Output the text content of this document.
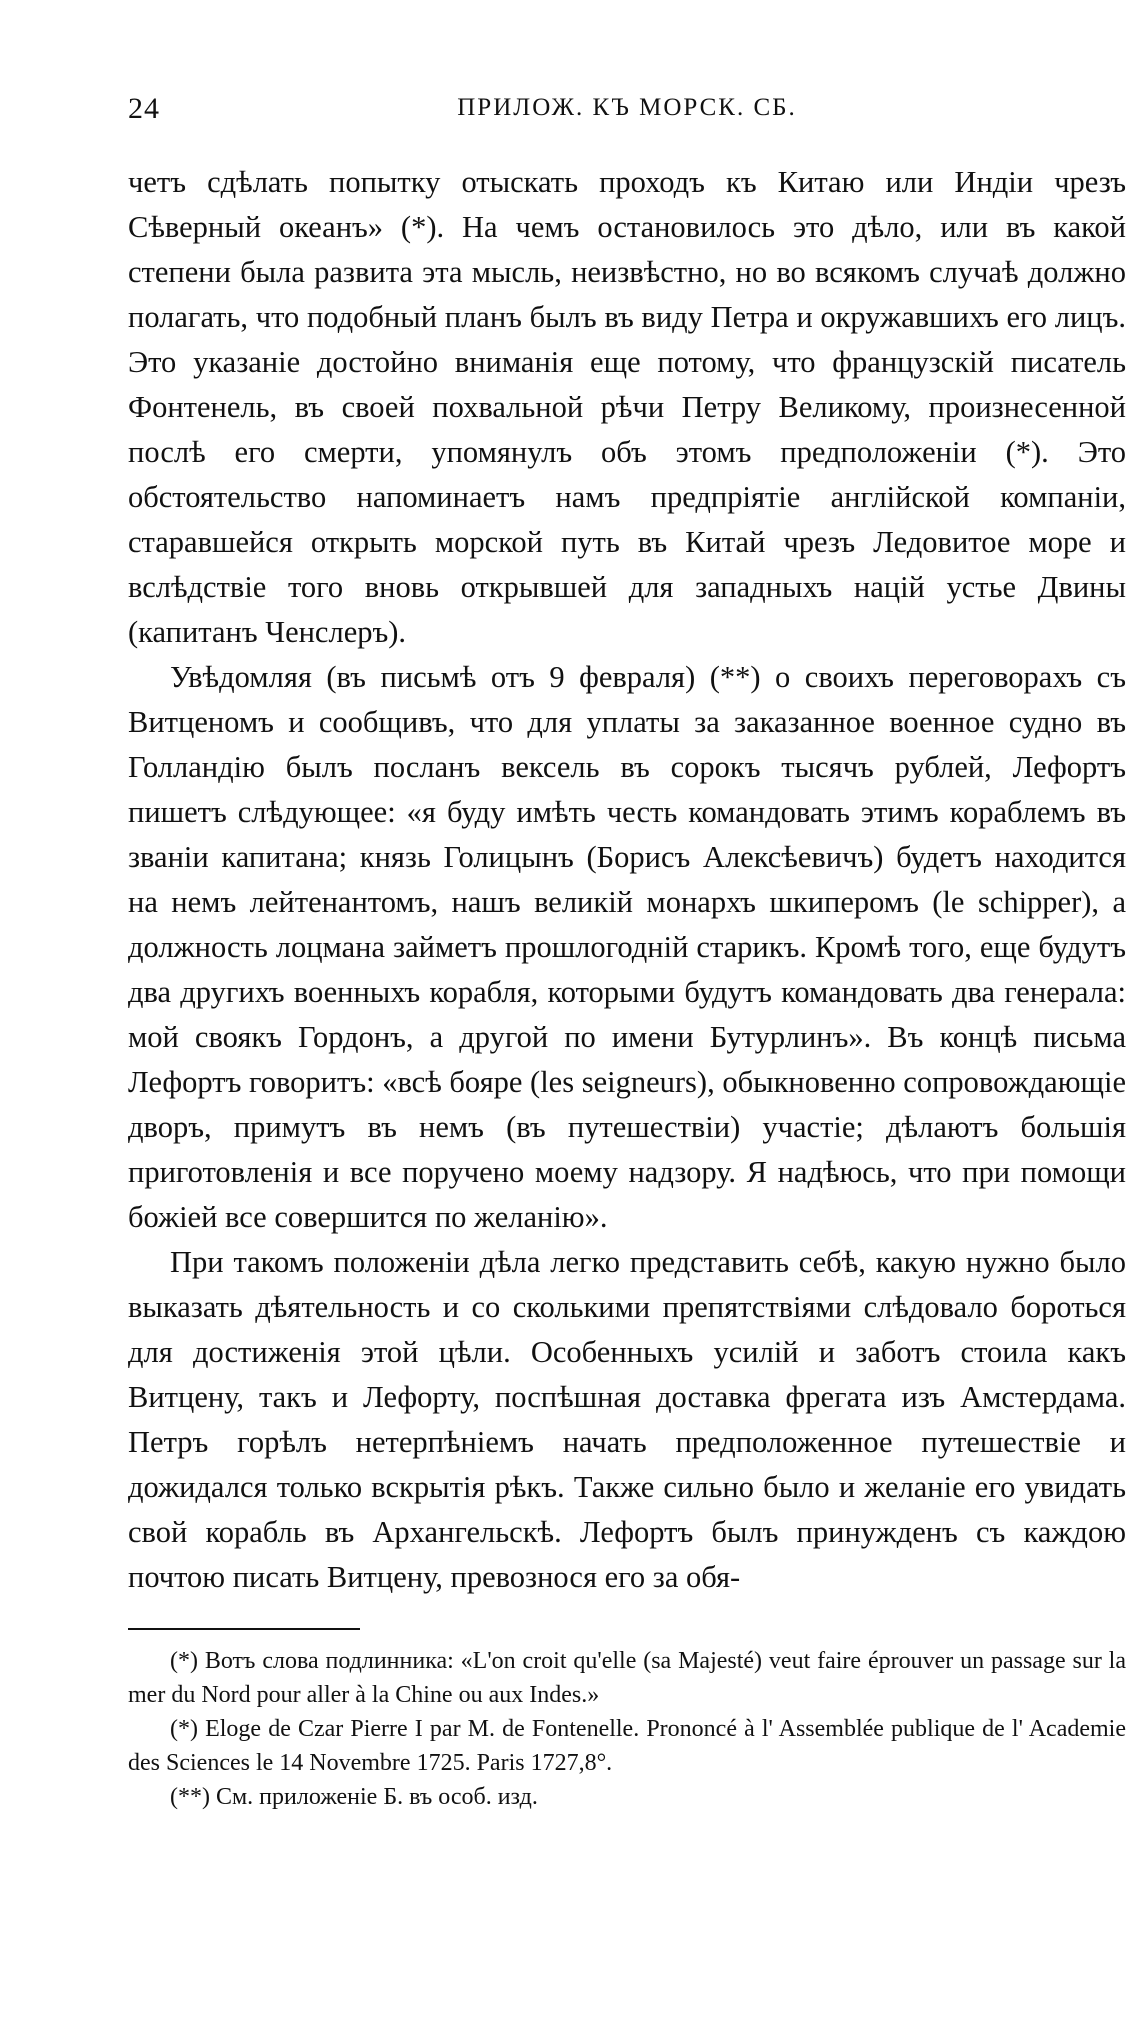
24	ПРИЛОЖ. КЪ МОРСК. СБ.

четъ сдѣлать попытку отыскать проходъ къ Китаю или Индіи чрезъ Сѣверный океанъ» (*). На чемъ остановилось это дѣло, или въ какой степени была развита эта мысль, неизвѣстно, но во всякомъ случаѣ должно полагать, что подобный планъ былъ въ виду Петра и окружавшихъ его лицъ. Это указаніе достойно вниманія еще потому, что французскій писатель Фонтенель, въ своей похвальной рѣчи Петру Великому, произнесенной послѣ его смерти, упомянулъ объ этомъ предположеніи (*). Это обстоятельство напоминаетъ намъ предпріятіе англійской компаніи, старавшейся открыть морской путь въ Китай чрезъ Ледовитое море и вслѣдствіе того вновь открывшей для западныхъ націй устье Двины (капитанъ Ченслеръ).

Увѣдомляя (въ письмѣ отъ 9 февраля) (**) о своихъ переговорахъ съ Витценомъ и сообщивъ, что для уплаты за заказанное военное судно въ Голландію былъ посланъ вексель въ сорокъ тысячъ рублей, Лефортъ пишетъ слѣдующее: «я буду имѣть честь командовать этимъ кораблемъ въ званіи капитана; князь Голицынъ (Борисъ Алексѣевичъ) будетъ находится на немъ лейтенантомъ, нашъ великій монархъ шкиперомъ (le schipper), а должность лоцмана займетъ прошлогодній старикъ. Кромѣ того, еще будутъ два другихъ военныхъ корабля, которыми будутъ командовать два генерала: мой своякъ Гордонъ, а другой по имени Бутурлинъ». Въ концѣ письма Лефортъ говоритъ: «всѣ бояре (les seigneurs), обыкновенно сопровождающіе дворъ, примутъ въ немъ (въ путешествіи) участіе; дѣлаютъ большія приготовленія и все поручено моему надзору. Я надѣюсь, что при помощи божіей все совершится по желанію».

При такомъ положеніи дѣла легко представить себѣ, какую нужно было выказать дѣятельность и со сколькими препятствіями слѣдовало бороться для достиженія этой цѣли. Особенныхъ усилій и заботъ стоила какъ Витцену, такъ и Лефорту, поспѣшная доставка фрегата изъ Амстердама. Петръ горѣлъ нетерпѣніемъ начать предположенное путешествіе и дожидался только вскрытія рѣкъ. Также сильно было и желаніе его увидать свой корабль въ Архангельскѣ. Лефортъ былъ принужденъ съ каждою почтою писать Витцену, превознося его за обя-

(*) Вотъ слова подлинника: «L'on croit qu'elle (sa Majesté) veut faire éprouver un passage sur la mer du Nord pour aller à la Chine ou aux Indes.»

(*) Eloge de Czar Pierre I par M. de Fontenelle. Prononcé à l' Assemblée publique de l' Academie des Sciences le 14 Novembre 1725. Paris 1727,8°.

(**) См. приложеніе Б. въ особ. изд.
